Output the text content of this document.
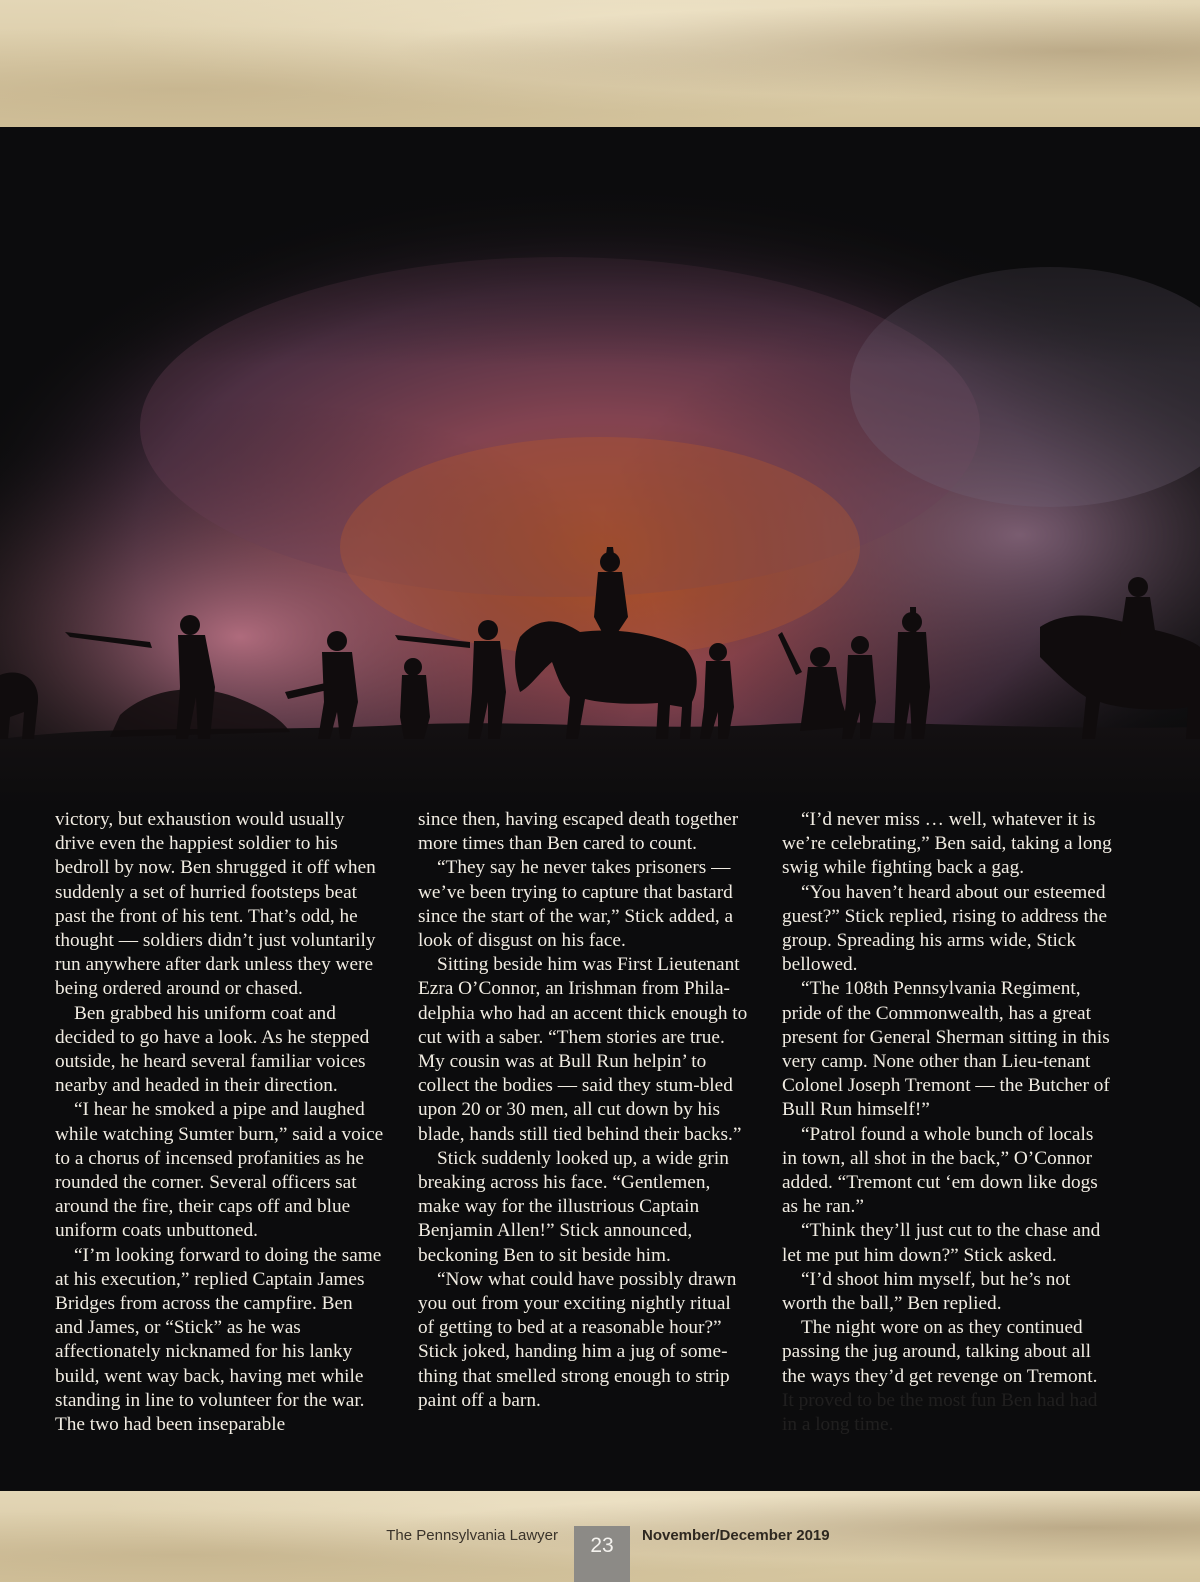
victory, but exhaustion would usually drive even the happiest soldier to his bedroll by now. Ben shrugged it off when suddenly a set of hurried footsteps beat past the front of his tent. That’s odd, he thought — soldiers didn’t just voluntarily run anywhere after dark unless they were being ordered around or chased.

Ben grabbed his uniform coat and decided to go have a look. As he stepped outside, he heard several familiar voices nearby and headed in their direction.

“I hear he smoked a pipe and laughed while watching Sumter burn,” said a voice to a chorus of incensed profanities as he rounded the corner. Several officers sat around the fire, their caps off and blue uniform coats unbuttoned.

“I’m looking forward to doing the same at his execution,” replied Captain James Bridges from across the campfire. Ben and James, or “Stick” as he was affectionately nicknamed for his lanky build, went way back, having met while standing in line to volunteer for the war. The two had been inseparable

since then, having escaped death together more times than Ben cared to count.

“They say he never takes prisoners — we’ve been trying to capture that bastard since the start of the war,” Stick added, a look of disgust on his face.

Sitting beside him was First Lieutenant Ezra O’Connor, an Irishman from Phila-delphia who had an accent thick enough to cut with a saber. “Them stories are true. My cousin was at Bull Run helpin’ to collect the bodies — said they stum-bled upon 20 or 30 men, all cut down by his blade, hands still tied behind their backs.”

Stick suddenly looked up, a wide grin breaking across his face. “Gentlemen, make way for the illustrious Captain Benjamin Allen!” Stick announced, beckoning Ben to sit beside him.

“Now what could have possibly drawn you out from your exciting nightly ritual of getting to bed at a reasonable hour?” Stick joked, handing him a jug of some-thing that smelled strong enough to strip paint off a barn.

“I’d never miss … well, whatever it is we’re celebrating,” Ben said, taking a long swig while fighting back a gag.

“You haven’t heard about our esteemed guest?” Stick replied, rising to address the group. Spreading his arms wide, Stick bellowed.

“The 108th Pennsylvania Regiment, pride of the Commonwealth, has a great present for General Sherman sitting in this very camp. None other than Lieu-tenant Colonel Joseph Tremont — the Butcher of Bull Run himself!”

“Patrol found a whole bunch of locals in town, all shot in the back,” O’Connor added. “Tremont cut ‘em down like dogs as he ran.”

“Think they’ll just cut to the chase and let me put him down?” Stick asked.

“I’d shoot him myself, but he’s not worth the ball,” Ben replied.

The night wore on as they continued passing the jug around, talking about all the ways they’d get revenge on Tremont.

It proved to be the most fun Ben had had in a long time.

The Pennsylvania Lawyer	23	November/December 2019
